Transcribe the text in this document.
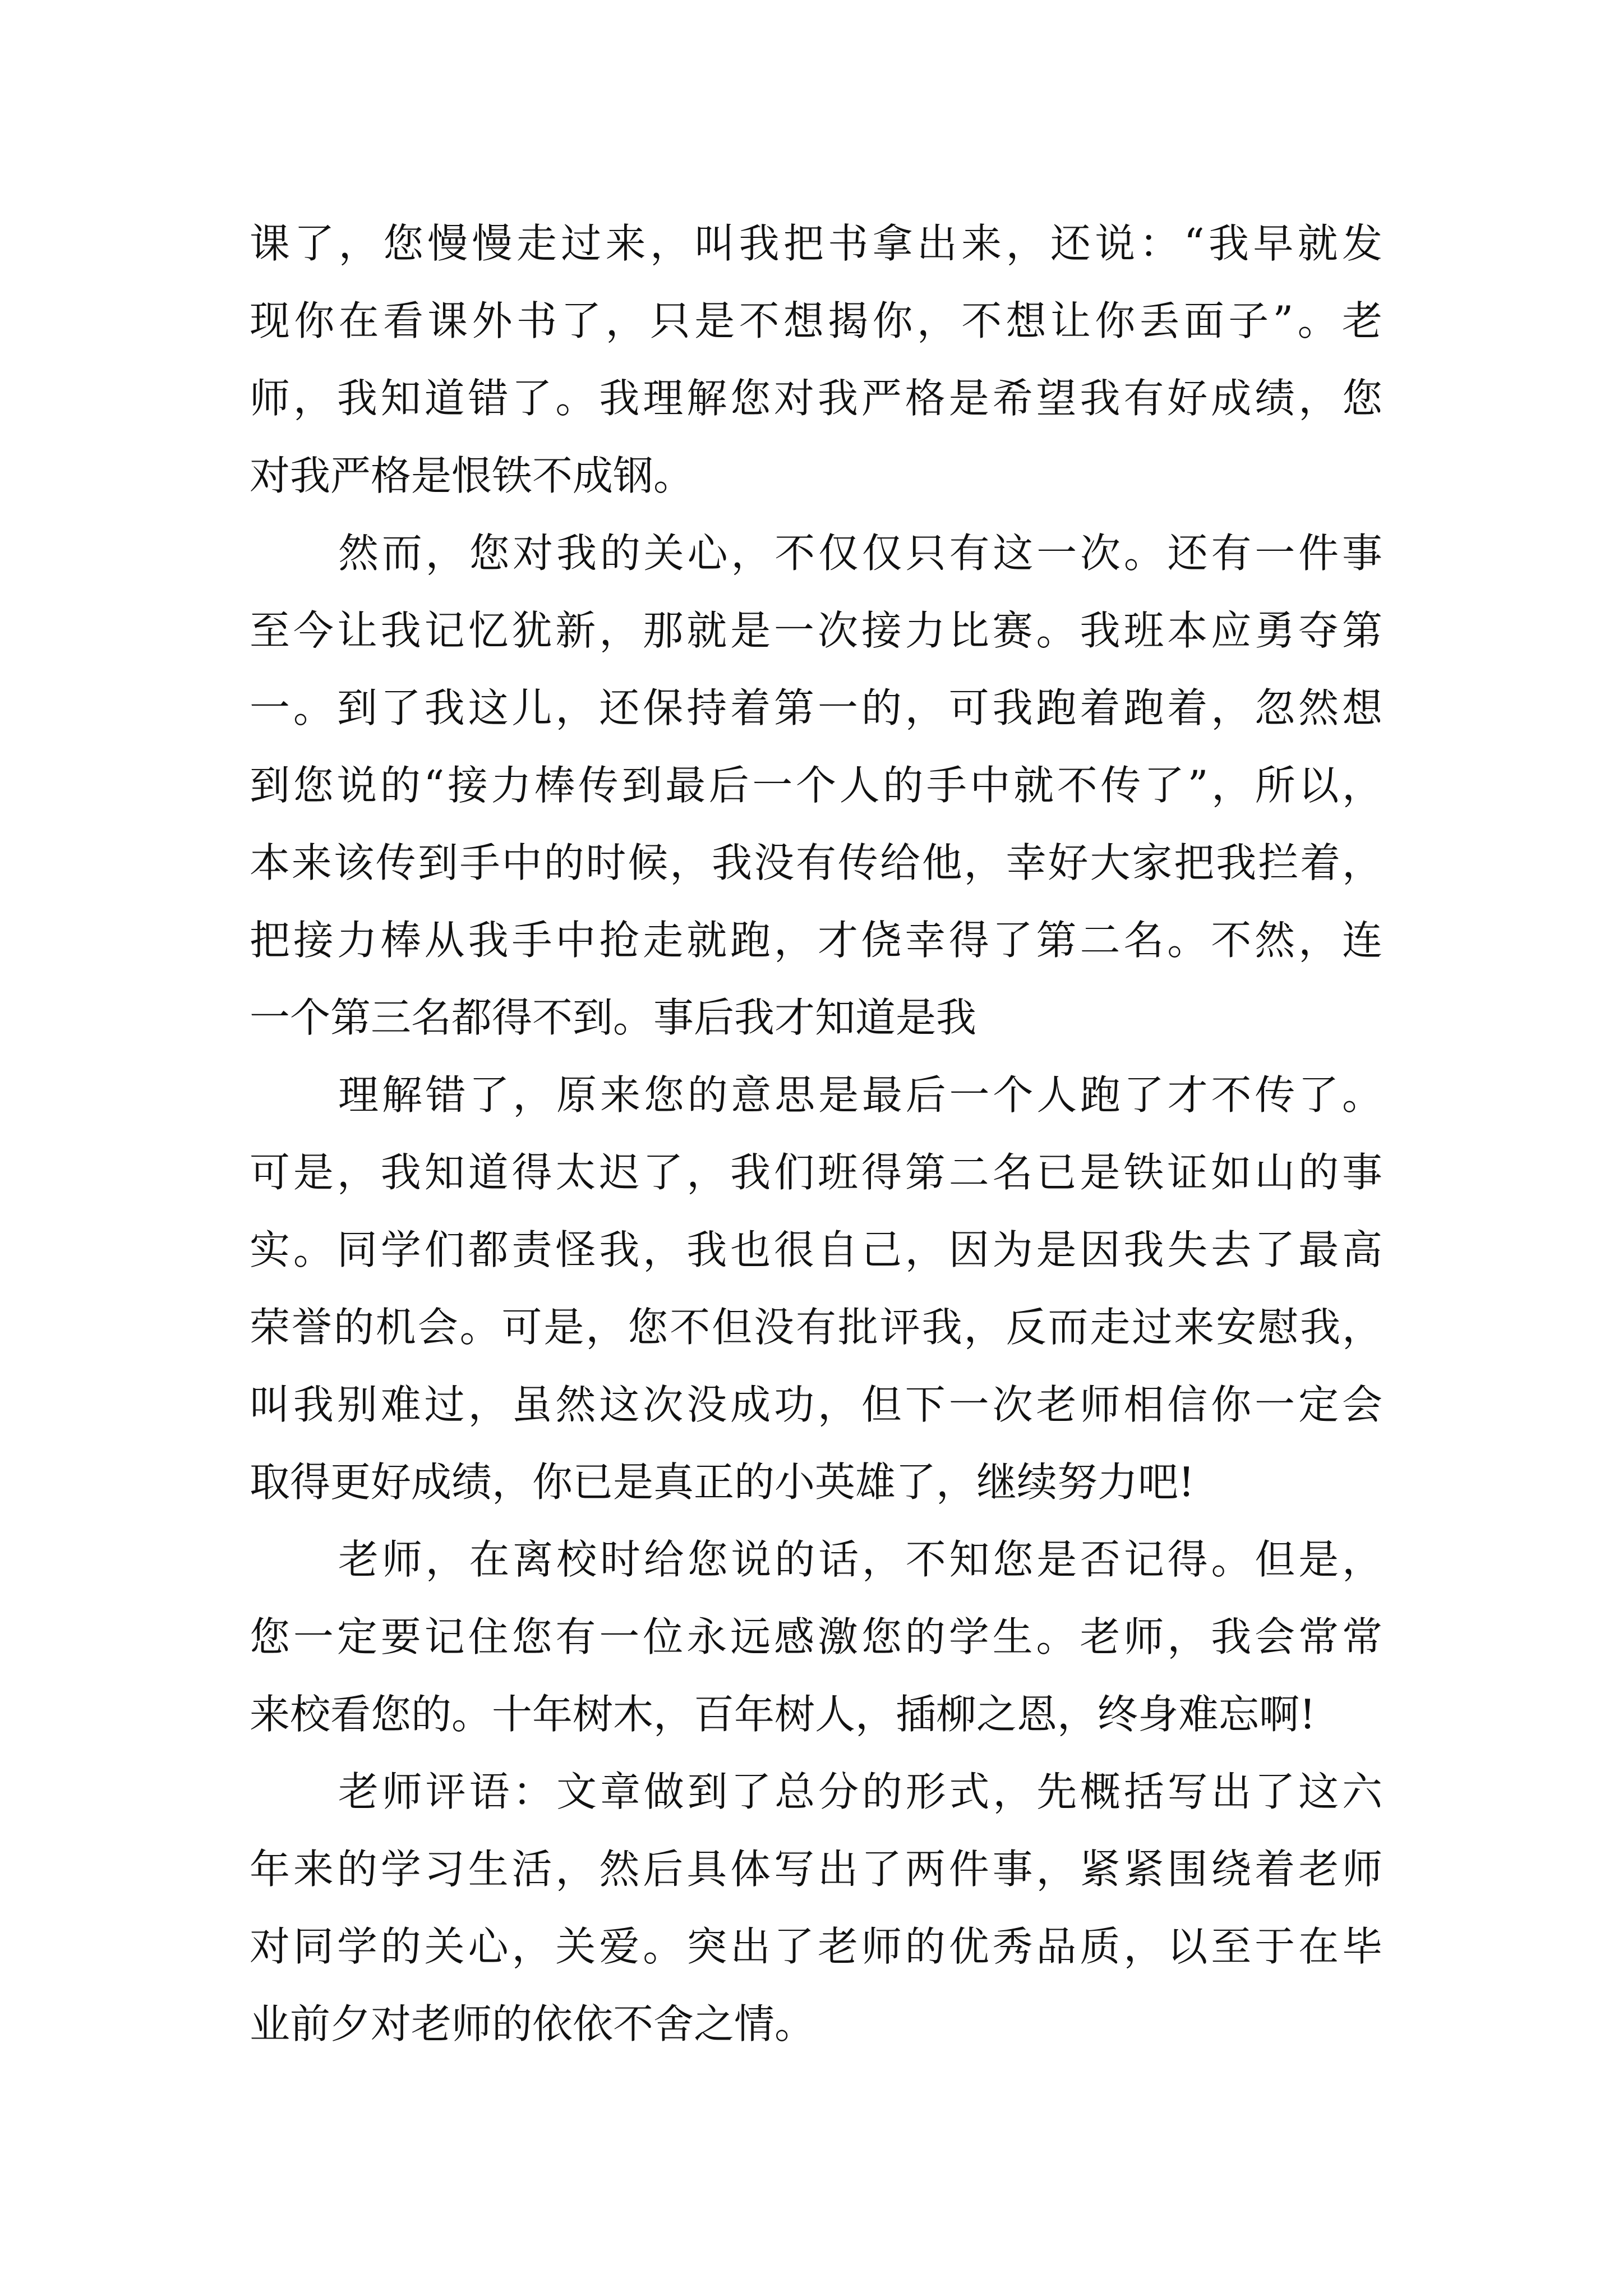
课了，您慢慢走过来，叫我把书拿出来，还说：“我早就发
现你在看课外书了，只是不想揭你，不想让你丢面子”。老
师，我知道错了。我理解您对我严格是希望我有好成绩，您
对我严格是恨铁不成钢。
然而，您对我的关心，不仅仅只有这一次。还有一件事
至今让我记忆犹新，那就是一次接力比赛。我班本应勇夺第
一。到了我这儿，还保持着第一的，可我跑着跑着，忽然想
到您说的“接力棒传到最后一个人的手中就不传了”，所以，
本来该传到手中的时候，我没有传给他，幸好大家把我拦着，
把接力棒从我手中抢走就跑，才侥幸得了第二名。不然，连
一个第三名都得不到。事后我才知道是我
理解错了，原来您的意思是最后一个人跑了才不传了。
可是，我知道得太迟了，我们班得第二名已是铁证如山的事
实。同学们都责怪我，我也很自己，因为是因我失去了最高
荣誉的机会。可是，您不但没有批评我，反而走过来安慰我，
叫我别难过，虽然这次没成功，但下一次老师相信你一定会
取得更好成绩，你已是真正的小英雄了，继续努力吧!
老师，在离校时给您说的话，不知您是否记得。但是，
您一定要记住您有一位永远感激您的学生。老师，我会常常
来校看您的。十年树木，百年树人，插柳之恩，终身难忘啊!
老师评语：文章做到了总分的形式，先概括写出了这六
年来的学习生活，然后具体写出了两件事，紧紧围绕着老师
对同学的关心，关爱。突出了老师的优秀品质，以至于在毕
业前夕对老师的依依不舍之情。
